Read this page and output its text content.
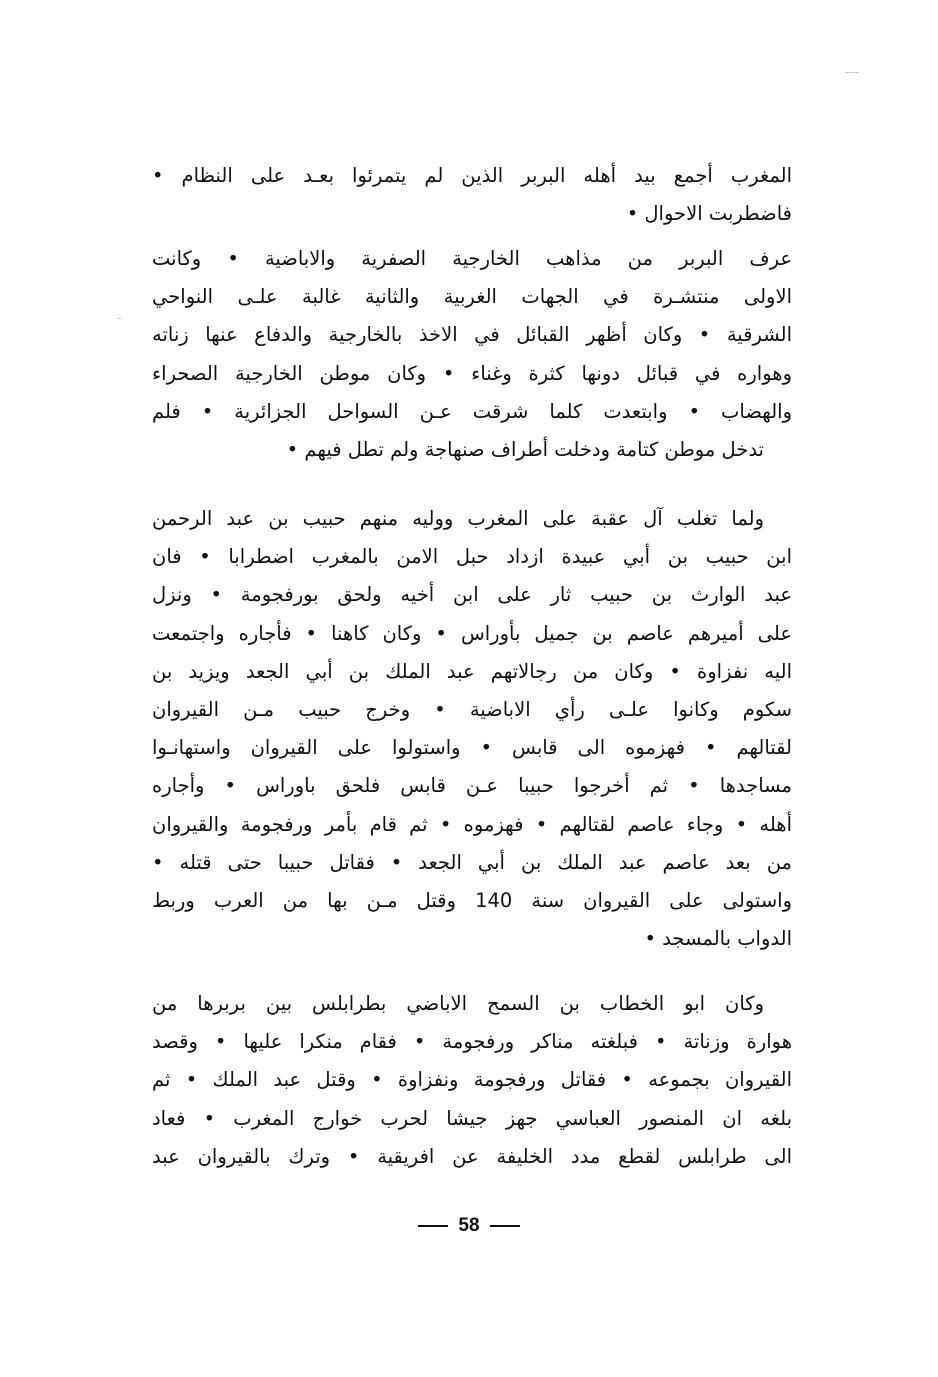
المغرب أجمع بيد أهله البربر الذين لم يتمرئوا بعـد على النظام •
فاضطربت الاحوال •
عرف البربر من مذاهب الخارجية الصفرية والاباضية • وكانت
الاولى منتشـرة في الجهات الغربية والثانية غالبة علـى النواحي
الشرقية • وكان أظهر القبائل في الاخذ بالخارجية والدفاع عنها زناته
وهواره في قبائل دونها كثرة وغناء • وكان موطن الخارجية الصحراء
والهضاب • وابتعدت كلما شرقت عـن السواحل الجزائرية • فلم
تدخل موطن كتامة ودخلت أطراف صنهاجة ولم تطل فيهم •
ولما تغلب آل عقبة على المغرب ووليه منهم حبيب بن عبد الرحمن
ابن حبيب بن أبي عبيدة ازداد حبل الامن بالمغرب اضطرابا • فان
عبد الوارث بن حبيب ثار على ابن أخيه ولحق بورفجومة • ونزل
على أميرهم عاصم بن جميل بأوراس • وكان كاهنا • فأجاره واجتمعت
اليه نفزاوة • وكان من رجالاتهم عبد الملك بن أبي الجعد ويزيد بن
سكوم وكانوا علـى رأي الاباضية • وخرج حبيب مـن القيروان
لقتالهم • فهزموه الى قابس • واستولوا على القيروان واستهانـوا
مساجدها • ثم أخرجوا حبيبا عـن قابس فلحق باوراس • وأجاره
أهله • وجاء عاصم لقتالهم • فهزموه • ثم قام بأمر ورفجومة والقيروان
من بعد عاصم عبد الملك بن أبي الجعد • فقاتل حبيبا حتى قتله •
واستولى على القيروان سنة 140 وقتل مـن بها من العرب وربط
الدواب بالمسجد •
وكان ابو الخطاب بن السمح الاباضي بطرابلس بين بربرها من
هوارة وزناتة • فبلغته مناكر ورفجومة • فقام منكرا عليها • وقصد
القيروان بجموعه • فقاتل ورفجومة ونفزاوة • وقتل عبد الملك • ثم
بلغه ان المنصور العباسي جهز جيشا لحرب خوارج المغرب • فعاد
الى طرابلس لقطع مدد الخليفة عن افريقية • وترك بالقيروان عبد
58
